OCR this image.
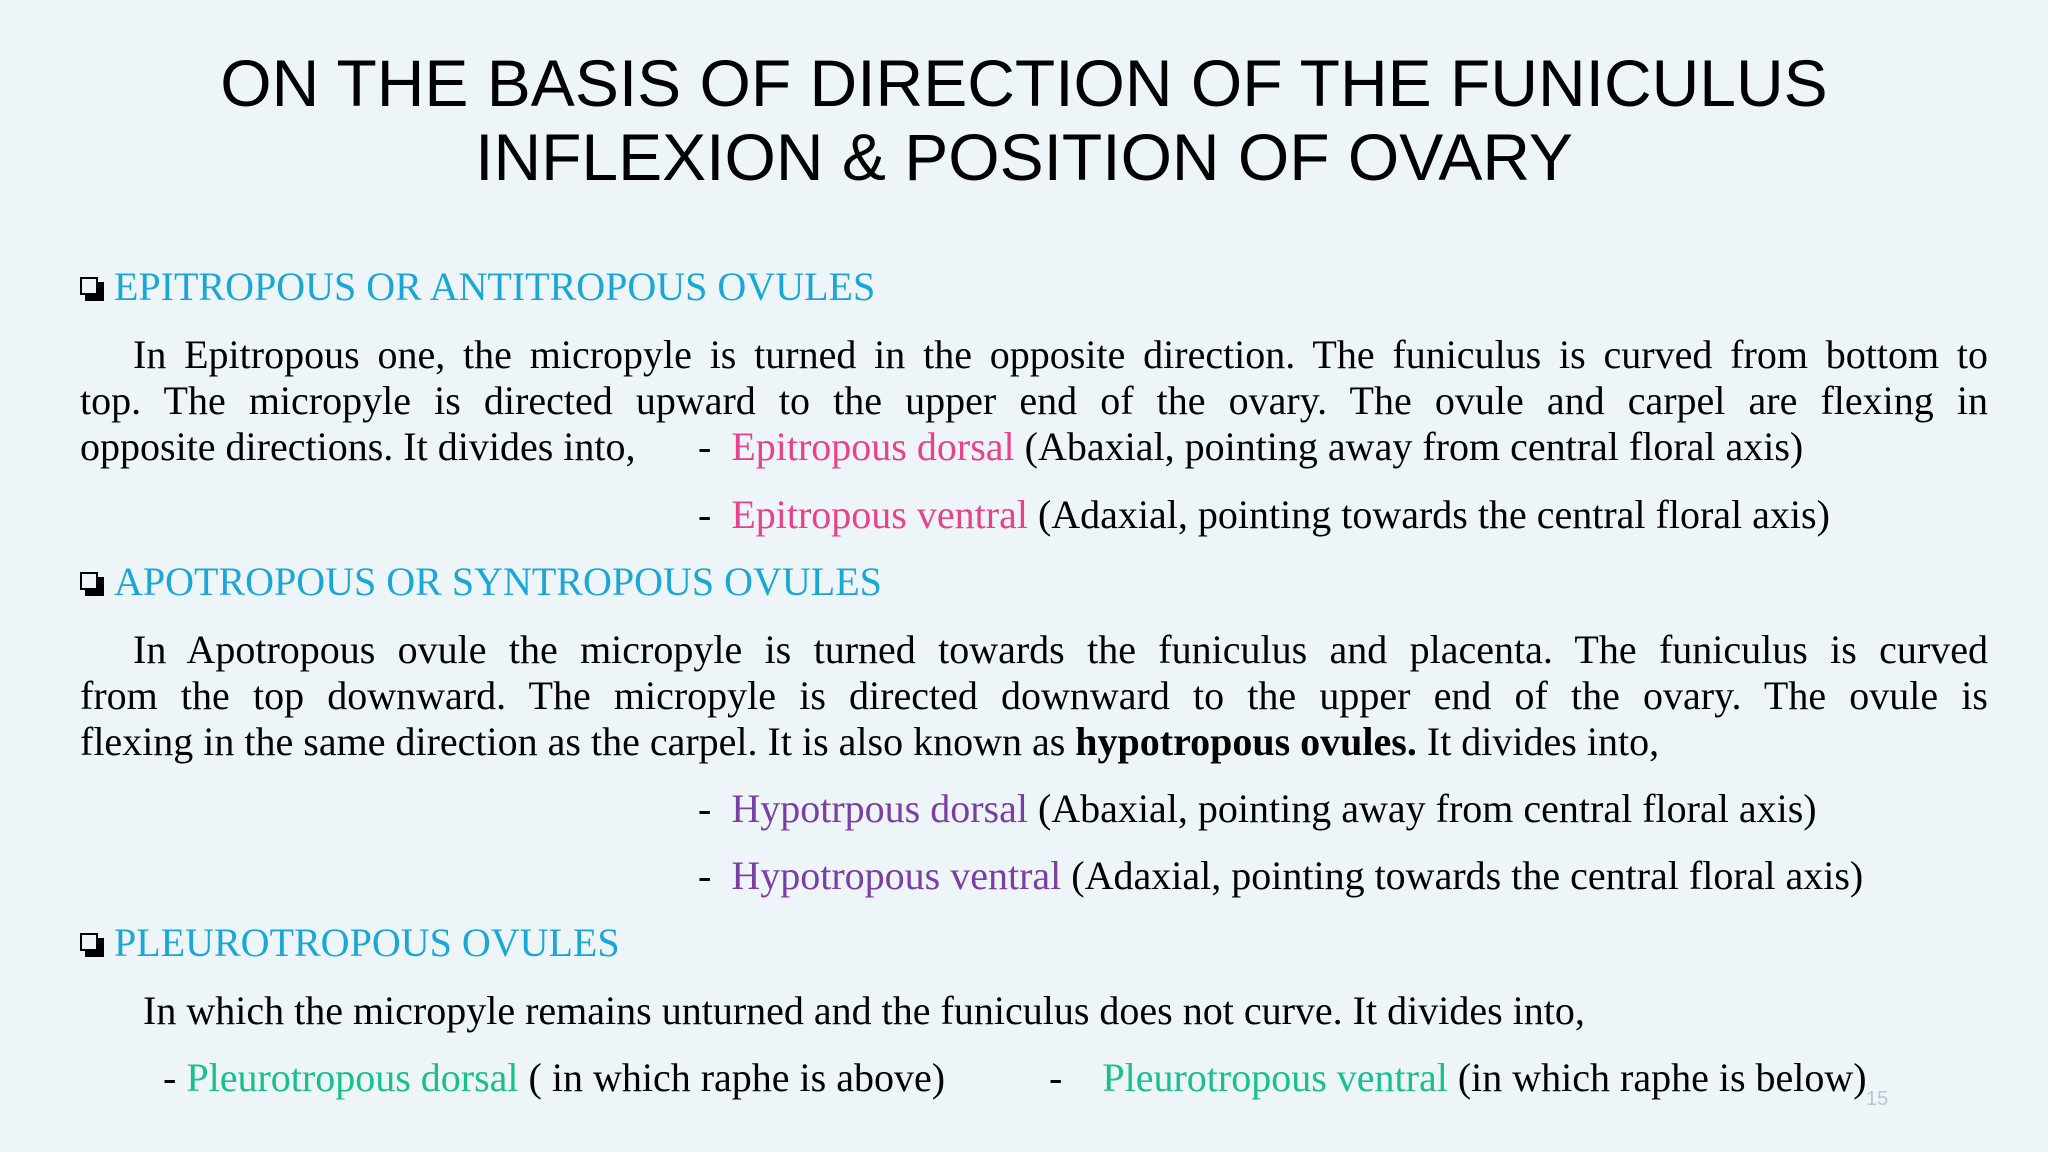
ON THE BASIS OF DIRECTION OF THE FUNICULUS
INFLEXION & POSITION OF OVARY
EPITROPOUS OR ANTITROPOUS OVULES
In Epitropous one, the micropyle is turned in the opposite direction. The funiculus is curved from bottom to
top. The micropyle is directed upward to the upper end of the ovary. The ovule and carpel are flexing in
opposite directions. It divides into,	- Epitropous dorsal (Abaxial, pointing away from central floral axis)
- Epitropous ventral (Adaxial, pointing towards the central floral axis)
APOTROPOUS OR SYNTROPOUS OVULES
In Apotropous ovule the micropyle is turned towards the funiculus and placenta. The funiculus is curved
from the top downward. The micropyle is directed downward to the upper end of the ovary. The ovule is
flexing in the same direction as the carpel. It is also known as hypotropous ovules. It divides into,
- Hypotrpous dorsal (Abaxial, pointing away from central floral axis)
- Hypotropous ventral (Adaxial, pointing towards the central floral axis)
PLEUROTROPOUS OVULES
In which the micropyle remains unturned and the funiculus does not curve. It divides into,
- Pleurotropous dorsal ( in which raphe is above)	- Pleurotropous ventral (in which raphe is below) 15
